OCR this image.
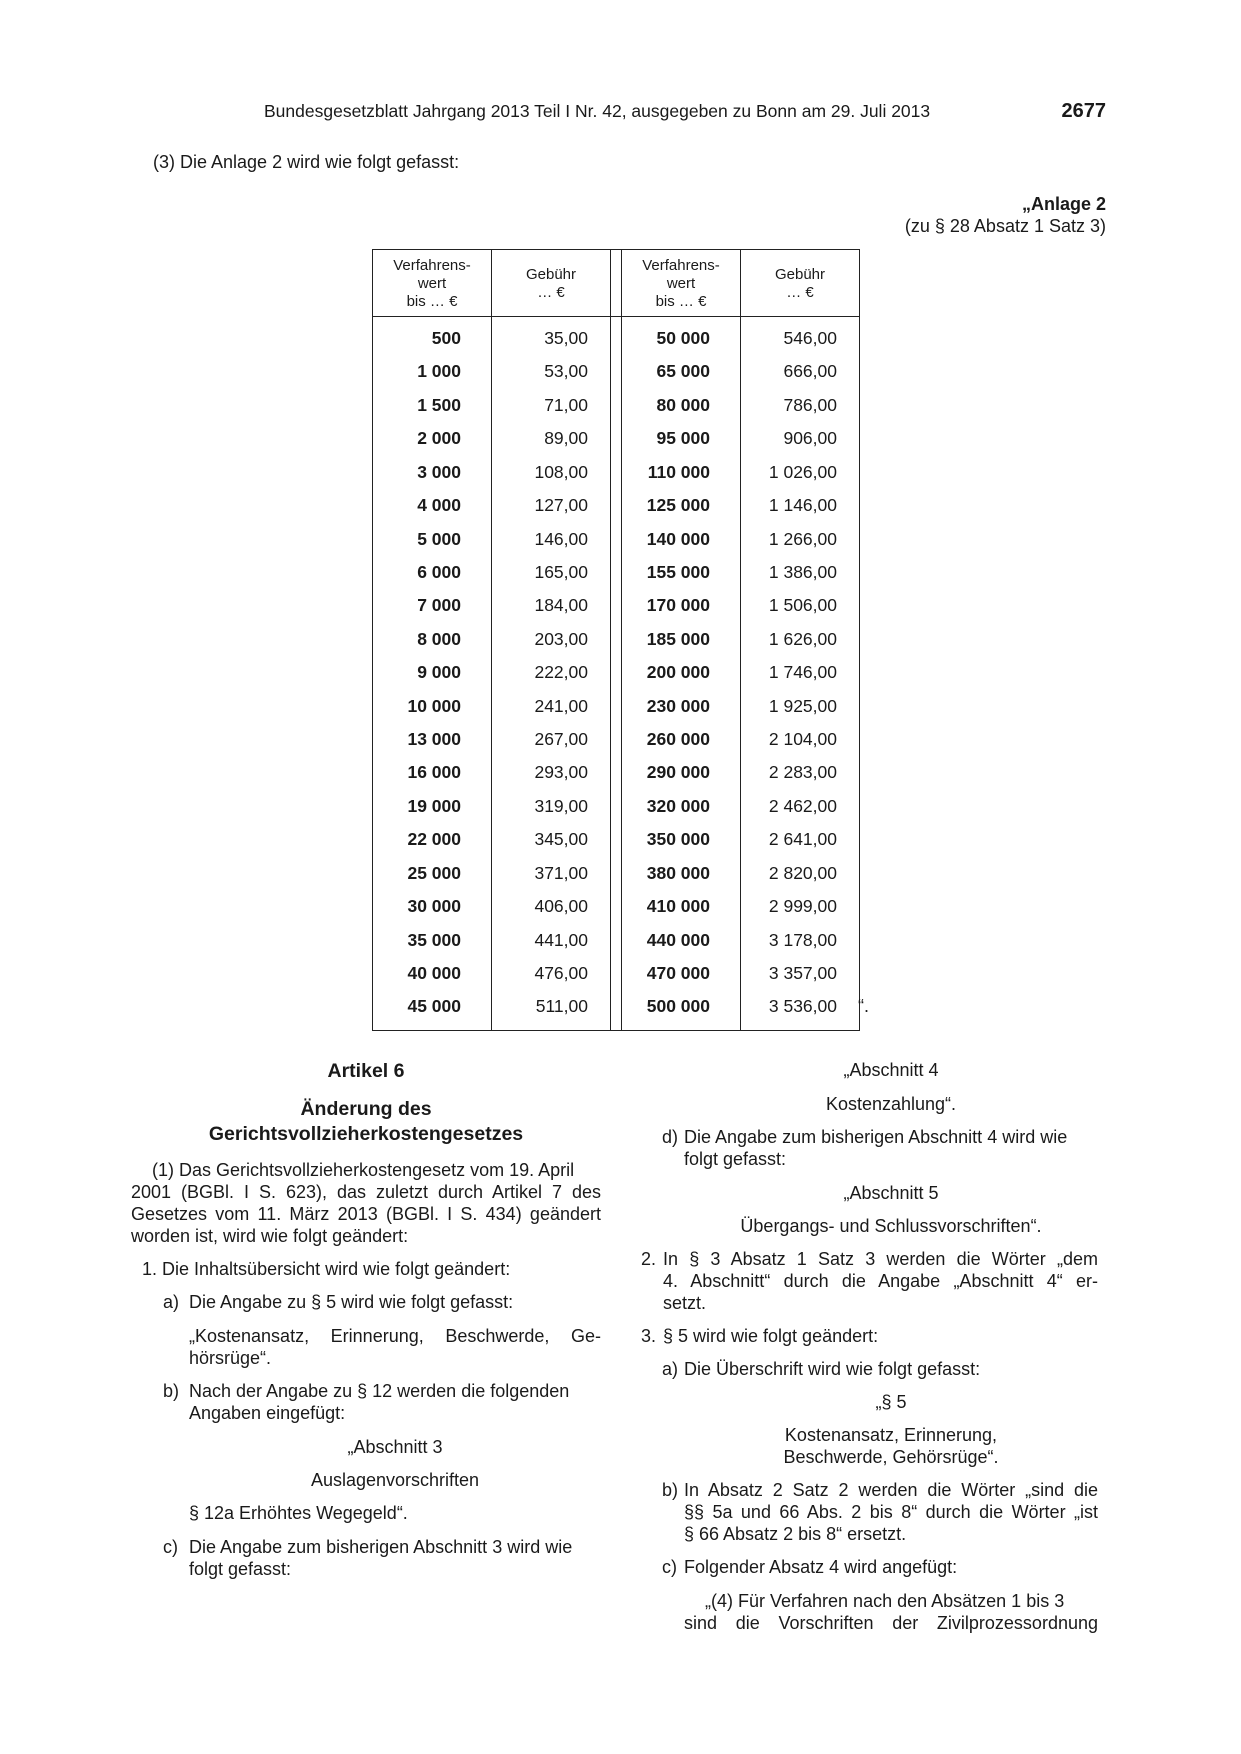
Bundesgesetzblatt Jahrgang 2013 Teil I Nr. 42, ausgegeben zu Bonn am 29. Juli 2013	2677
(3) Die Anlage 2 wird wie folgt gefasst:
„Anlage 2
(zu § 28 Absatz 1 Satz 3)
Verfahrens-
wert
bis … €
500
1 000
1 500
2 000
3 000
4 000
5 000
6 000
7 000
8 000
9 000
10 000
13 000
16 000
19 000
22 000
25 000
30 000
35 000
40 000
45 000
Gebühr
… €
35,00
53,00
71,00
89,00
108,00
127,00
146,00
165,00
184,00
203,00
222,00
241,00
267,00
293,00
319,00
345,00
371,00
406,00
441,00
476,00
511,00
Verfahrens-
wert
bis … €
50 000
65 000
80 000
95 000
110 000
125 000
140 000
155 000
170 000
185 000
200 000
230 000
260 000
290 000
320 000
350 000
380 000
410 000
440 000
470 000
500 000
Gebühr
… €
546,00
666,00
786,00
906,00
1 026,00
1 146,00
1 266,00
1 386,00
1 506,00
1 626,00
1 746,00
1 925,00
2 104,00
2 283,00
2 462,00
2 641,00
2 820,00
2 999,00
3 178,00
3 357,00
3 536,00	“.

Artikel 6

Änderung des

Gerichtsvollzieherkostengesetzes

(1) Das Gerichtsvollzieherkostengesetz vom 19. April
2001 (BGBl. I S. 623), das zuletzt durch Artikel 7 des
Gesetzes vom 11. März 2013 (BGBl. I S. 434) geändert
worden ist, wird wie folgt geändert:
1. Die Inhaltsübersicht wird wie folgt geändert:
a) Die Angabe zu § 5 wird wie folgt gefasst:
„Kostenansatz, Erinnerung, Beschwerde, Ge-
hörsrüge“.
b) Nach der Angabe zu § 12 werden die folgenden
Angaben eingefügt:
„Abschnitt 3
Auslagenvorschriften
§ 12a Erhöhtes Wegegeld“.
c) Die Angabe zum bisherigen Abschnitt 3 wird wie
folgt gefasst:
„Abschnitt 4
Kostenzahlung“.
d) Die Angabe zum bisherigen Abschnitt 4 wird wie
folgt gefasst:
„Abschnitt 5
Übergangs- und Schlussvorschriften“.
2. In § 3 Absatz 1 Satz 3 werden die Wörter „dem
4. Abschnitt“ durch die Angabe „Abschnitt 4“ er-
setzt.
3. § 5 wird wie folgt geändert:
a) Die Überschrift wird wie folgt gefasst:
„§ 5
Kostenansatz, Erinnerung,
Beschwerde, Gehörsrüge“.
b) In Absatz 2 Satz 2 werden die Wörter „sind die
§§ 5a und 66 Abs. 2 bis 8“ durch die Wörter „ist
§ 66 Absatz 2 bis 8“ ersetzt.
c) Folgender Absatz 4 wird angefügt:
„(4) Für Verfahren nach den Absätzen 1 bis 3
sind die Vorschriften der Zivilprozessordnung
